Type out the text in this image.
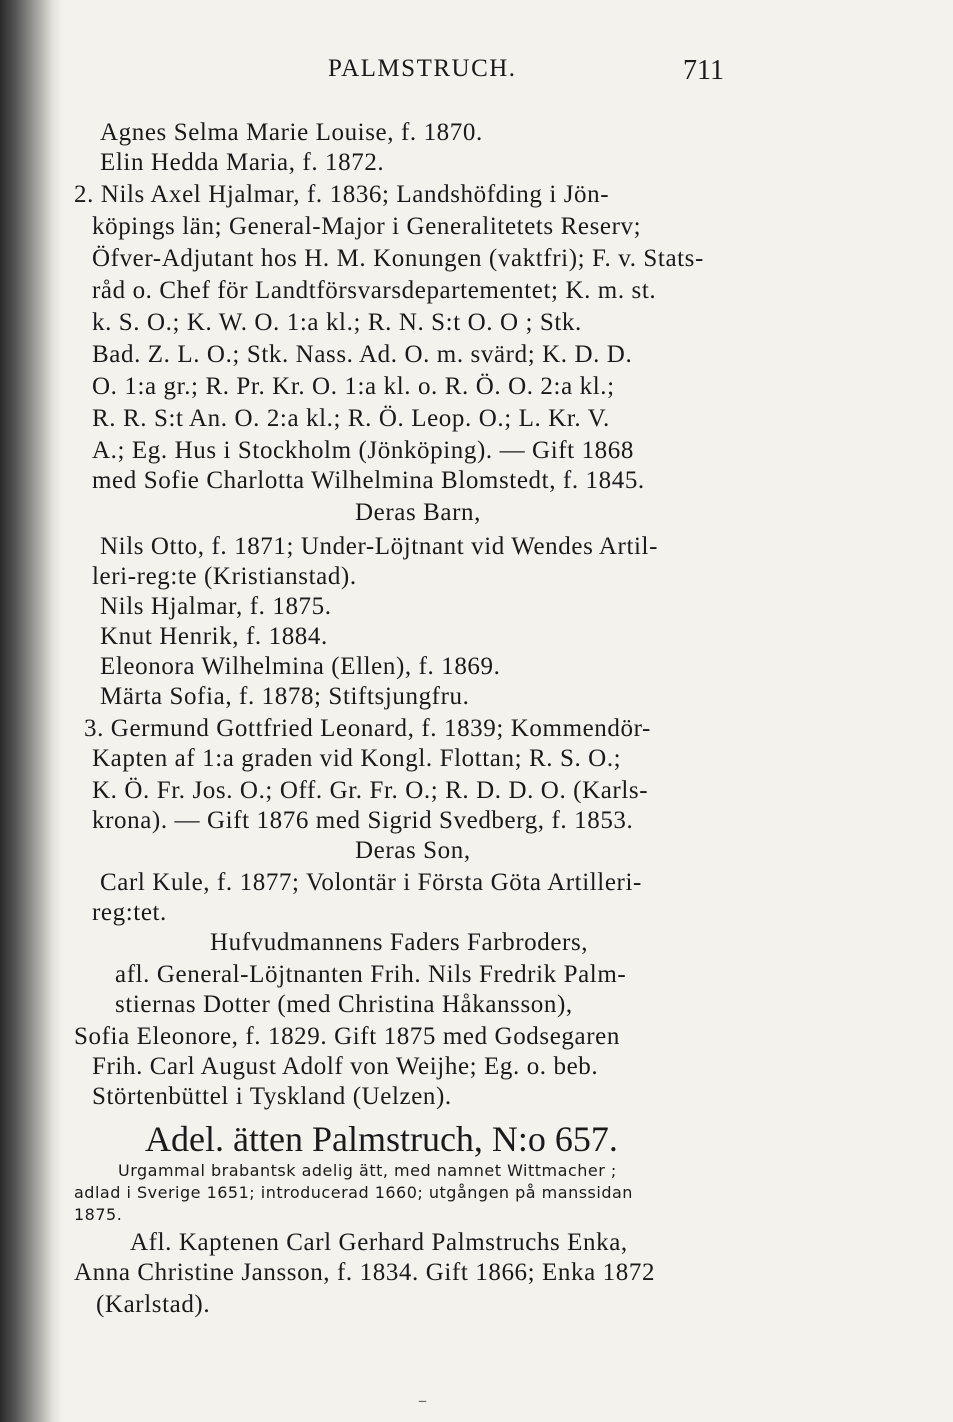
PALMSTRUCH.	711
Agnes Selma Marie Louise, f. 1870.
Elin Hedda Maria, f. 1872.
2. Nils Axel Hjalmar, f. 1836; Landshöfding i Jön-
köpings län; General-Major i Generalitetets Reserv;
Öfver-Adjutant hos H. M. Konungen (vaktfri); F. v. Stats-
råd o. Chef för Landtförsvarsdepartementet; K. m. st.
k. S. O.; K. W. O. 1:a kl.; R. N. S:t O. O ; Stk.
Bad. Z. L. O.; Stk. Nass. Ad. O. m. svärd; K. D. D.
O. 1:a gr.; R. Pr. Kr. O. 1:a kl. o. R. Ö. O. 2:a kl.;
R. R. S:t An. O. 2:a kl.; R. Ö. Leop. O.; L. Kr. V.
A.; Eg. Hus i Stockholm (Jönköping). — Gift 1868
med Sofie Charlotta Wilhelmina Blomstedt, f. 1845.
Deras Barn,
Nils Otto, f. 1871; Under-Löjtnant vid Wendes Artil-
leri-reg:te (Kristianstad).
Nils Hjalmar, f. 1875.
Knut Henrik, f. 1884.
Eleonora Wilhelmina (Ellen), f. 1869.
Märta Sofia, f. 1878; Stiftsjungfru.
3. Germund Gottfried Leonard, f. 1839; Kommendör-
Kapten af 1:a graden vid Kongl. Flottan; R. S. O.;
K. Ö. Fr. Jos. O.; Off. Gr. Fr. O.; R. D. D. O. (Karls-
krona). — Gift 1876 med Sigrid Svedberg, f. 1853.
Deras Son,
Carl Kule, f. 1877; Volontär i Första Göta Artilleri-
reg:tet.
Hufvudmannens Faders Farbroders,
afl. General-Löjtnanten Frih. Nils Fredrik Palm-
stiernas Dotter (med Christina Håkansson),
Sofia Eleonore, f. 1829. Gift 1875 med Godsegaren
Frih. Carl August Adolf von Weijhe; Eg. o. beb.
Störtenbüttel i Tyskland (Uelzen).
Adel. ätten Palmstruch, N:o 657.
Urgammal brabantsk adelig ätt, med namnet Wittmacher ;
adlad i Sverige 1651; introducerad 1660; utgången på manssidan
1875.
Afl. Kaptenen Carl Gerhard Palmstruchs Enka,
Anna Christine Jansson, f. 1834. Gift 1866; Enka 1872
(Karlstad).
–
